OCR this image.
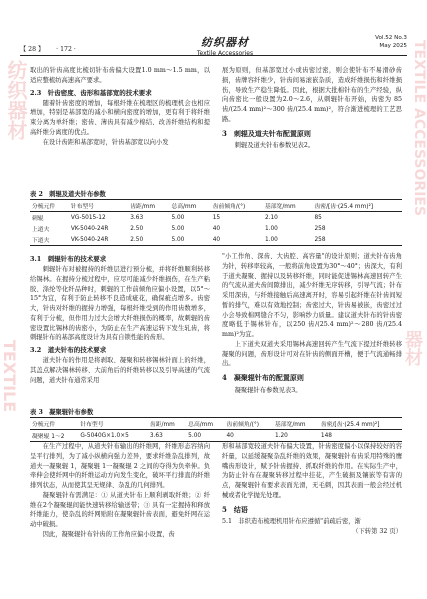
纺织器材
TEXTILE
TEXTILE ACCESSORIES
器材
【 28 】 · 172 ·
纺织器材
Textile Accessories
Vol.52 No.3
May 2025

取出的针齿高度比梳切针布齿偏大设置1.0 mm～1.5 mm，以适应整梳纺高速高产要求。

2.3　针齿密度、齿形和基部宽的技术要求

随着针齿密度的增加，每根纤维在梳理区的梳理机会也相应增加，特别是基部宽的减小和横向密度的增加，更有利于将纤维束分离为单纤维；密齿、薄齿具有减少棉结、改善纤维结构和提高纤维分离度的优点。

在设计齿距和基部宽时，针齿基部宽以向小发

展为原则，但基部宽过小或齿密过密，则会使针布不易滑砂齿损，齿牌容纤维少，针齿间易滚嵌杂质，造成纤维损伤和纤维损伤，导致生产稳生降低。因此，根据大批棉针布的生产经验，纵向齿密比一般设置为2.0～2.6，从刺辊针布开始，齿密为 85 齿/(25.4 mm)²～300 齿/(25.4 mm)²，符合渐进梳理的工艺思路。

3　刺辊及道夫针布配置原则

刺辊及道夫针布参数见表2。

表 2　刺辊及道夫针布参数
分梳元件	针布型号	齿距/mm	总高/mm	齿前倾角/(°)	基部宽/mm	齿密/[齿·(25.4 mm)²]
刺辊	VG-5015-12	3.63	5.00	15	2.10	85
上道夫	VK-5040-24R	2.50	5.00	40	1.00	258
下道夫	VK-5040-24R	2.50	5.00	40	1.00	258
3.1　刺辊针布的技术要求

刺辊针布对被握持的纤维层进行预分梳，并将纤维顺利转移给锡林。在握持分梳过程中，应尽可能减少纤维损伤，在生产粘胶、涤纶等化纤品种时，刺辊的工作前倾角应偏小设置，以5°～15°为宜，有利于防止转移不良造成疵花，确保疵点增多。齿密大，针齿对纤维的握持力增强，每根纤维受到的作用齿数增多，有利于分梳，但作用力过大会增大纤维损伤的概率，故刺辊的齿密设置比锡林的齿密小，为防止在生产高速运转下发生轧齿，将刺辊针布的基部高度设计为具有自锁性能的齿形。

3.2　道夫针布的技术要求

道夫针布的作用是将剥取、凝聚和转移锡林针面上的纤维，其盖点解决锡林转移、大前角后的纤维转移以及引导高速的气流问题，道夫针布通常采用

"小工作角、深齿、大齿腔、高容量"的设计原则；道夫针布齿角为针，转移率较高，一般将前角设置为30°～40°；齿深大，有利于道夫凝聚、握持以及转移纤维，同时能促进锡林高速回转产生的气流从道夫齿间隙排出，减少纤维无序转移，引导气流；针布采用深齿，与纤维接触后高速离开时，容易引起纤维在针齿间短暂的排气，难以有效地控制；齿密过大，针齿易被嵌，齿密过过小会导致棉网缝合不匀，影响纱力质量。建议道夫针布的针齿密度略低于锡林针布，以250 齿/(25.4 mm)²～280 齿/(25.4 mm)²为宜。

上下道夫双道夫采用锡林高速回转产生气流下提过纤维转移凝聚的问题，齿形设计可对在针齿的侧面开槽，便于气流通畅排出。

4　凝聚辊针布的配置原则

凝聚辊针布参数见表3。

表 3　凝聚辊针布参数
分梳元件	针布型号	齿距/mm	总高/mm	齿前倾角/(°)	基部宽/mm	齿密/[齿·(25.4 mm)²]
凝聚辊 1～2	G-5040G×1.0×5	3.63	5.00	40	1.20	148

在生产过程中，从道夫针布输出的纤维网，纤维形态容纳向呈平行排列，为了减小纵横向强力差异，要求纤维杂乱排列，故道夫一凝聚辊 1，凝聚辊 1一凝聚辊 2 之间的夺得为负牵伸。负牵伸会使纤网中的纤维运动方向发生变化，破坏平行排直的纤维排列状态，从而使其呈无规律、杂乱的几何排列。

凝聚辊针布需满足：① 从道夫针布上顺利剥取纤维；② 纤维在2个凝聚辊间能快速转移给输送带；③ 具有一定握持和释放纤维能力，使杂乱的纤网贴附在凝聚辊针齿表面，避免纤网在运动中破损。

因此，凝聚辊针布针齿的工作角应偏小设置，齿

形和基部宽较道夫针布偏大设置，针齿密度偏小以保持较好的容纤量，以延缓凝聚杂乱纤维的效果，凝聚辊针布齿采用特殊的鹰嘴齿形设计，赋予针齿握持、抓取纤维的作用。在实际生产中，为防止针布在凝聚转移过程中挂花，产生破损及镶嵌等有害的点，凝聚辊针布要求表面光滑，无毛刺，因其表面一般会经过机械或者化学抛光处理。

5　结语

5.1　非织造布梳理机用针布应遵循"前疏后密，渐

（下转第 32 页）
